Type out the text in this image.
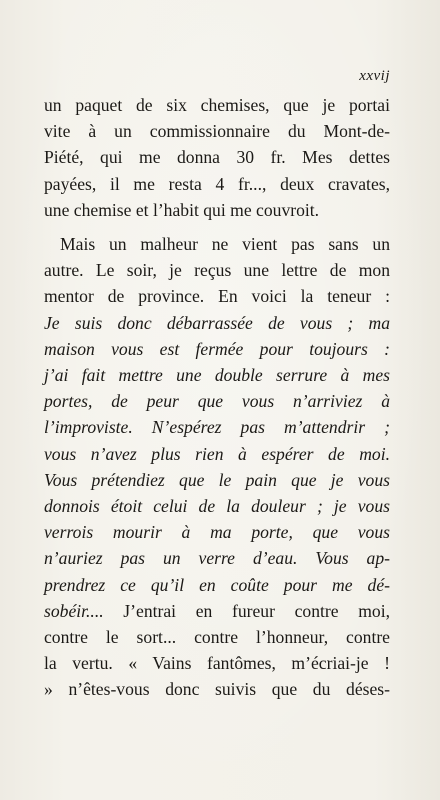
xxvij
un paquet de six chemises, que je portai
vite à un commissionnaire du Mont-de-
Piété, qui me donna 30 fr. Mes dettes
payées, il me resta 4 fr..., deux cravates,
une chemise et l’habit qui me couvroit.
Mais un malheur ne vient pas sans un
autre. Le soir, je reçus une lettre de mon
mentor de province. En voici la teneur :
Je suis donc débarrassée de vous ; ma
maison vous est fermée pour toujours :
j’ai fait mettre une double serrure à mes
portes, de peur que vous n’arriviez à
l’improviste. N’espérez pas m’attendrir ;
vous n’avez plus rien à espérer de moi.
Vous prétendiez que le pain que je vous
donnois étoit celui de la douleur ; je vous
verrois mourir à ma porte, que vous
n’auriez pas un verre d’eau. Vous ap-
prendrez ce qu’il en coûte pour me dé-
sobéir.... J’entrai en fureur contre moi,
contre le sort... contre l’honneur, contre
la vertu. « Vains fantômes, m’écriai-je !
» n’êtes-vous donc suivis que du déses-
